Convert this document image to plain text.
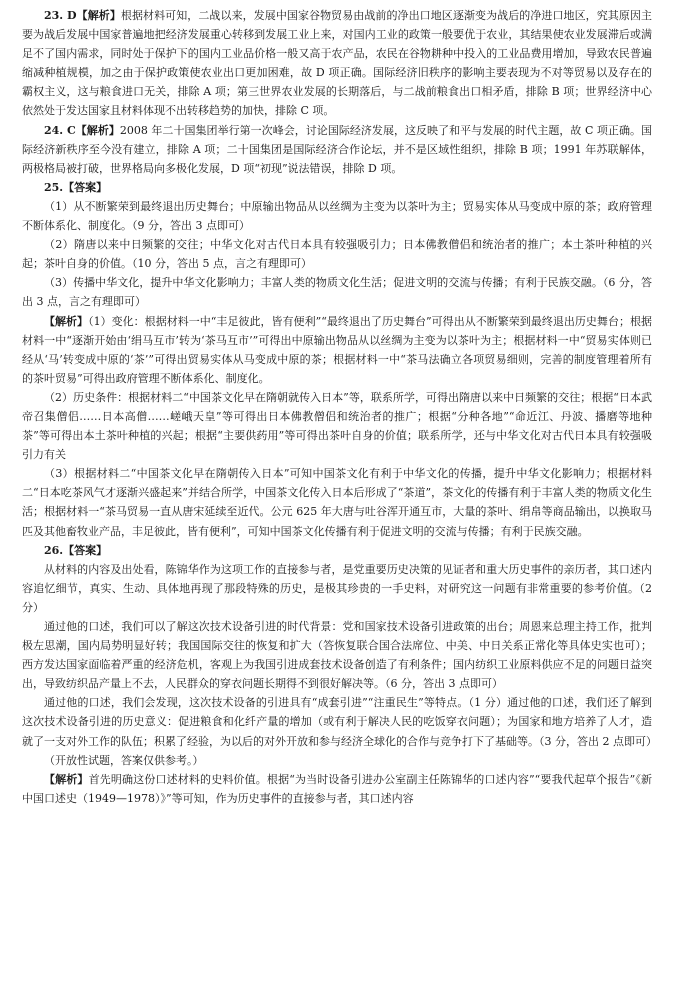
23. D【解析】根据材料可知，二战以来，发展中国家谷物贸易由战前的净出口地区逐渐变为战后的净进口地区，究其原因主要为战后发展中国家普遍地把经济发展重心转移到发展工业上来，对国内工业的政策一般要优于农业，其结果使农业发展滞后或满足不了国内需求，同时处于保护下的国内工业品价格一般又高于农产品，农民在谷物耕种中投入的工业品费用增加，导致农民普遍缩减种植规模，加之由于保护政策使农业出口更加困难，故 D 项正确。国际经济旧秩序的影响主要表现为不对等贸易以及存在的霸权主义，这与粮食进口无关，排除 A 项；第三世界农业发展的长期落后，与二战前粮食出口相矛盾，排除 B 项；世界经济中心依然处于发达国家且材料体现不出转移趋势的加快，排除 C 项。

24. C【解析】2008 年二十国集团举行第一次峰会，讨论国际经济发展，这反映了和平与发展的时代主题，故 C 项正确。国际经济新秩序至今没有建立，排除 A 项；二十国集团是国际经济合作论坛，并不是区域性组织，排除 B 项；1991 年苏联解体，两极格局被打破，世界格局向多极化发展，D 项“初现”说法错误，排除 D 项。

25.【答案】

（1）从不断繁荣到最终退出历史舞台；中原输出物品从以丝绸为主变为以茶叶为主；贸易实体从马变成中原的茶；政府管理不断体系化、制度化。（9 分，答出 3 点即可）

（2）隋唐以来中日频繁的交往；中华文化对古代日本具有较强吸引力；日本佛教僧侣和统治者的推广；本土茶叶种植的兴起；茶叶自身的价值。（10 分，答出 5 点，言之有理即可）

（3）传播中华文化，提升中华文化影响力；丰富人类的物质文化生活；促进文明的交流与传播；有利于民族交融。（6 分，答出 3 点，言之有理即可）

【解析】（1）变化：根据材料一中“丰足彼此，皆有便利”“最终退出了历史舞台”可得出从不断繁荣到最终退出历史舞台；根据材料一中“逐渐开始由‘绢马互市’转为‘茶马互市’”可得出中原输出物品从以丝绸为主变为以茶叶为主；根据材料一中“贸易实体则已经从‘马’转变成中原的‘茶’”可得出贸易实体从马变成中原的茶；根据材料一中“茶马法确立各项贸易细则，完善的制度管理着所有的茶叶贸易”可得出政府管理不断体系化、制度化。

（2）历史条件：根据材料二“中国茶文化早在隋朝就传入日本”等，联系所学，可得出隋唐以来中日频繁的交往；根据“日本武帝召集僧侣……日本高僧……嵯峨天皇”等可得出日本佛教僧侣和统治者的推广；根据“分种各地”“命近江、丹波、播磨等地种茶”等可得出本土茶叶种植的兴起；根据“主要供药用”等可得出茶叶自身的价值；联系所学，还与中华文化对古代日本具有较强吸引力有关

（3）根据材料二“中国茶文化早在隋朝传入日本”可知中国茶文化有利于中华文化的传播，提升中华文化影响力；根据材料二“日本吃茶风气才逐渐兴盛起来”并结合所学，中国茶文化传入日本后形成了“茶道”，茶文化的传播有利于丰富人类的物质文化生活；根据材料一“茶马贸易一直从唐宋延续至近代。公元 625 年大唐与吐谷浑开通互市，大量的茶叶、绢帛等商品输出，以换取马匹及其他畜牧业产品，丰足彼此，皆有便利”，可知中国茶文化传播有利于促进文明的交流与传播；有利于民族交融。

26.【答案】

从材料的内容及出处看，陈锦华作为这项工作的直接参与者，是党重要历史决策的见证者和重大历史事件的亲历者，其口述内容追忆细节，真实、生动、具体地再现了那段特殊的历史，是极其珍贵的一手史料，对研究这一问题有非常重要的参考价值。（2 分）

通过他的口述，我们可以了解这次技术设备引进的时代背景：党和国家技术设备引进政策的出台；周恩来总理主持工作，批判极左思潮，国内局势明显好转；我国国际交往的恢复和扩大（答恢复联合国合法席位、中美、中日关系正常化等具体史实也可）；西方发达国家面临着严重的经济危机，客观上为我国引进成套技术设备创造了有利条件；国内纺织工业原料供应不足的问题日益突出，导致纺织品产量上不去，人民群众的穿衣问题长期得不到很好解决等。（6 分，答出 3 点即可）

通过他的口述，我们会发现，这次技术设备的引进具有“成套引进”“注重民生”等特点。（1 分）通过他的口述，我们还了解到这次技术设备引进的历史意义：促进粮食和化纤产量的增加（或有利于解决人民的吃饭穿衣问题）；为国家和地方培养了人才，造就了一支对外工作的队伍；积累了经验，为以后的对外开放和参与经济全球化的合作与竞争打下了基础等。（3 分，答出 2 点即可）

（开放性试题，答案仅供参考。）

【解析】首先明确这份口述材料的史料价值。根据“为当时设备引进办公室副主任陈锦华的口述内容”“要我代起草个报告”《新中国口述史（1949—1978）》”等可知，作为历史事件的直接参与者，其口述内容
